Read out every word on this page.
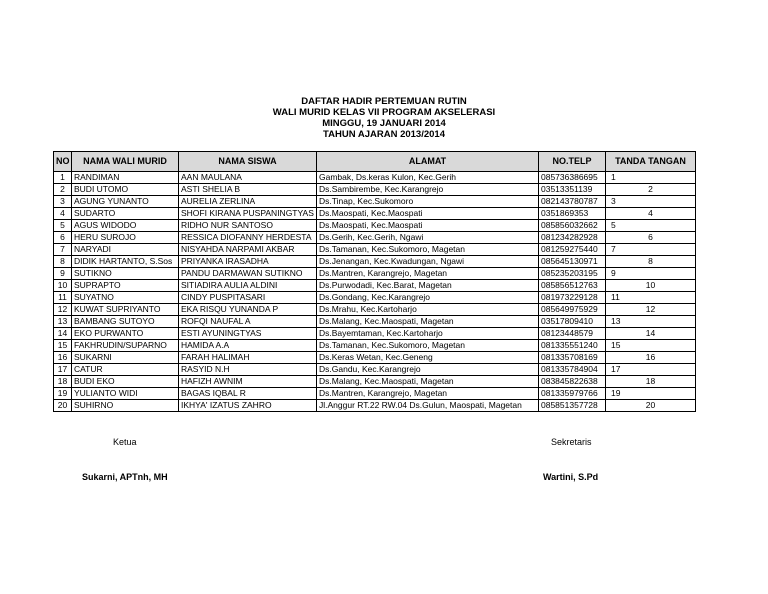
DAFTAR HADIR PERTEMUAN RUTIN
WALI MURID KELAS VII PROGRAM AKSELERASI
MINGGU, 19 JANUARI 2014
TAHUN AJARAN 2013/2014
NO	NAMA WALI MURID	NAMA SISWA	ALAMAT	NO.TELP	TANDA TANGAN
1	RANDIMAN	AAN MAULANA	Gambak, Ds.keras Kulon, Kec.Gerih	085736386695	1

2	BUDI UTOMO	ASTI SHELIA B	Ds.Sambirembe, Kec.Karangrejo	03513351139	2

3	AGUNG YUNANTO	AURELIA ZERLINA	Ds.Tinap, Kec.Sukomoro	082143780787	3

4	SUDARTO	SHOFI KIRANA PUSPANINGTYAS	Ds.Maospati, Kec.Maospati	0351869353	4

5	AGUS WIDODO	RIDHO NUR SANTOSO	Ds.Maospati, Kec.Maospati	085856032662	5

6	HERU SUROJO	RESSICA DIOFANNY HERDESTA	Ds.Gerih, Kec.Gerih, Ngawi	081234282928	6

7	NARYADI	NISYAHDA NARPAMI AKBAR	Ds.Tamanan, Kec.Sukomoro, Magetan	081259275440	7

8	DIDIK HARTANTO, S.Sos	PRIYANKA IRASADHA	Ds.Jenangan, Kec.Kwadungan, Ngawi	085645130971	8

9	SUTIKNO	PANDU DARMAWAN SUTIKNO	Ds.Mantren, Karangrejo, Magetan	085235203195	9

10	SUPRAPTO	SITIADIRA AULIA ALDINI	Ds.Purwodadi, Kec.Barat, Magetan	085856512763	10

11	SUYATNO	CINDY PUSPITASARI	Ds.Gondang, Kec.Karangrejo	081973229128	11

12	KUWAT SUPRIYANTO	EKA RISQU YUNANDA P	Ds.Mrahu, Kec.Kartoharjo	085649975929	12

13	BAMBANG SUTOYO	ROFQI NAUFAL A	Ds.Malang, Kec.Maospati, Magetan	03517809410	13

14	EKO PURWANTO	ESTI AYUNINGTYAS	Ds.Bayemtaman, Kec.Kartoharjo	08123448579	14

15	FAKHRUDIN/SUPARNO	HAMIDA A.A	Ds.Tamanan, Kec.Sukomoro, Magetan	081335551240	15

16	SUKARNI	FARAH HALIMAH	Ds.Keras Wetan, Kec.Geneng	081335708169	16

17	CATUR	RASYID N.H	Ds.Gandu, Kec.Karangrejo	081335784904	17

18	BUDI EKO	HAFIZH AWNIM	Ds.Malang, Kec.Maospati, Magetan	083845822638	18

19	YULIANTO WIDI	BAGAS IQBAL R	Ds.Mantren, Karangrejo, Magetan	081335979766	19

20	SUHIRNO	IKHYA' IZATUS ZAHRO	Jl.Anggur RT.22 RW.04 Ds.Gulun, Maospati, Magetan	085851357728	20
Ketua
Sukarni, APTnh, MH
Sekretaris
Wartini, S.Pd
